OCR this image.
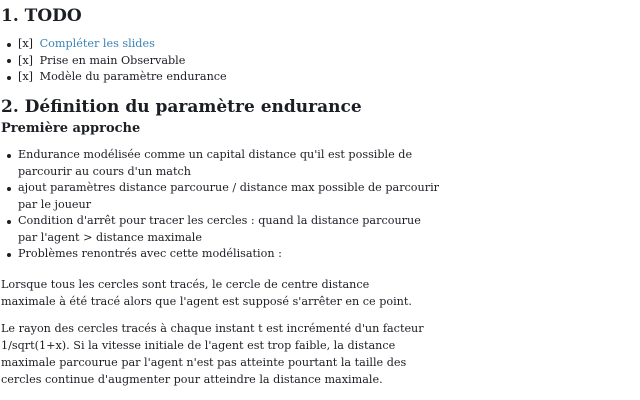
1. TODO
[x] Compléter les slides
[x] Prise en main Observable
[x] Modèle du paramètre endurance
2. Définition du paramètre endurance
Première approche
Endurance modélisée comme un capital distance qu'il est possible de parcourir au cours d'un match
ajout paramètres distance parcourue / distance max possible de parcourir par le joueur
Condition d'arrêt pour tracer les cercles : quand la distance parcourue par l'agent > distance maximale
Problèmes renontrés avec cette modélisation :

Lorsque tous les cercles sont tracés, le cercle de centre distance maximale à été tracé alors que l'agent est supposé s'arrêter en ce point.

Le rayon des cercles tracés à chaque instant t est incrémenté d'un facteur 1/sqrt(1+x). Si la vitesse initiale de l'agent est trop faible, la distance maximale parcourue par l'agent n'est pas atteinte pourtant la taille des cercles continue d'augmenter pour atteindre la distance maximale.
